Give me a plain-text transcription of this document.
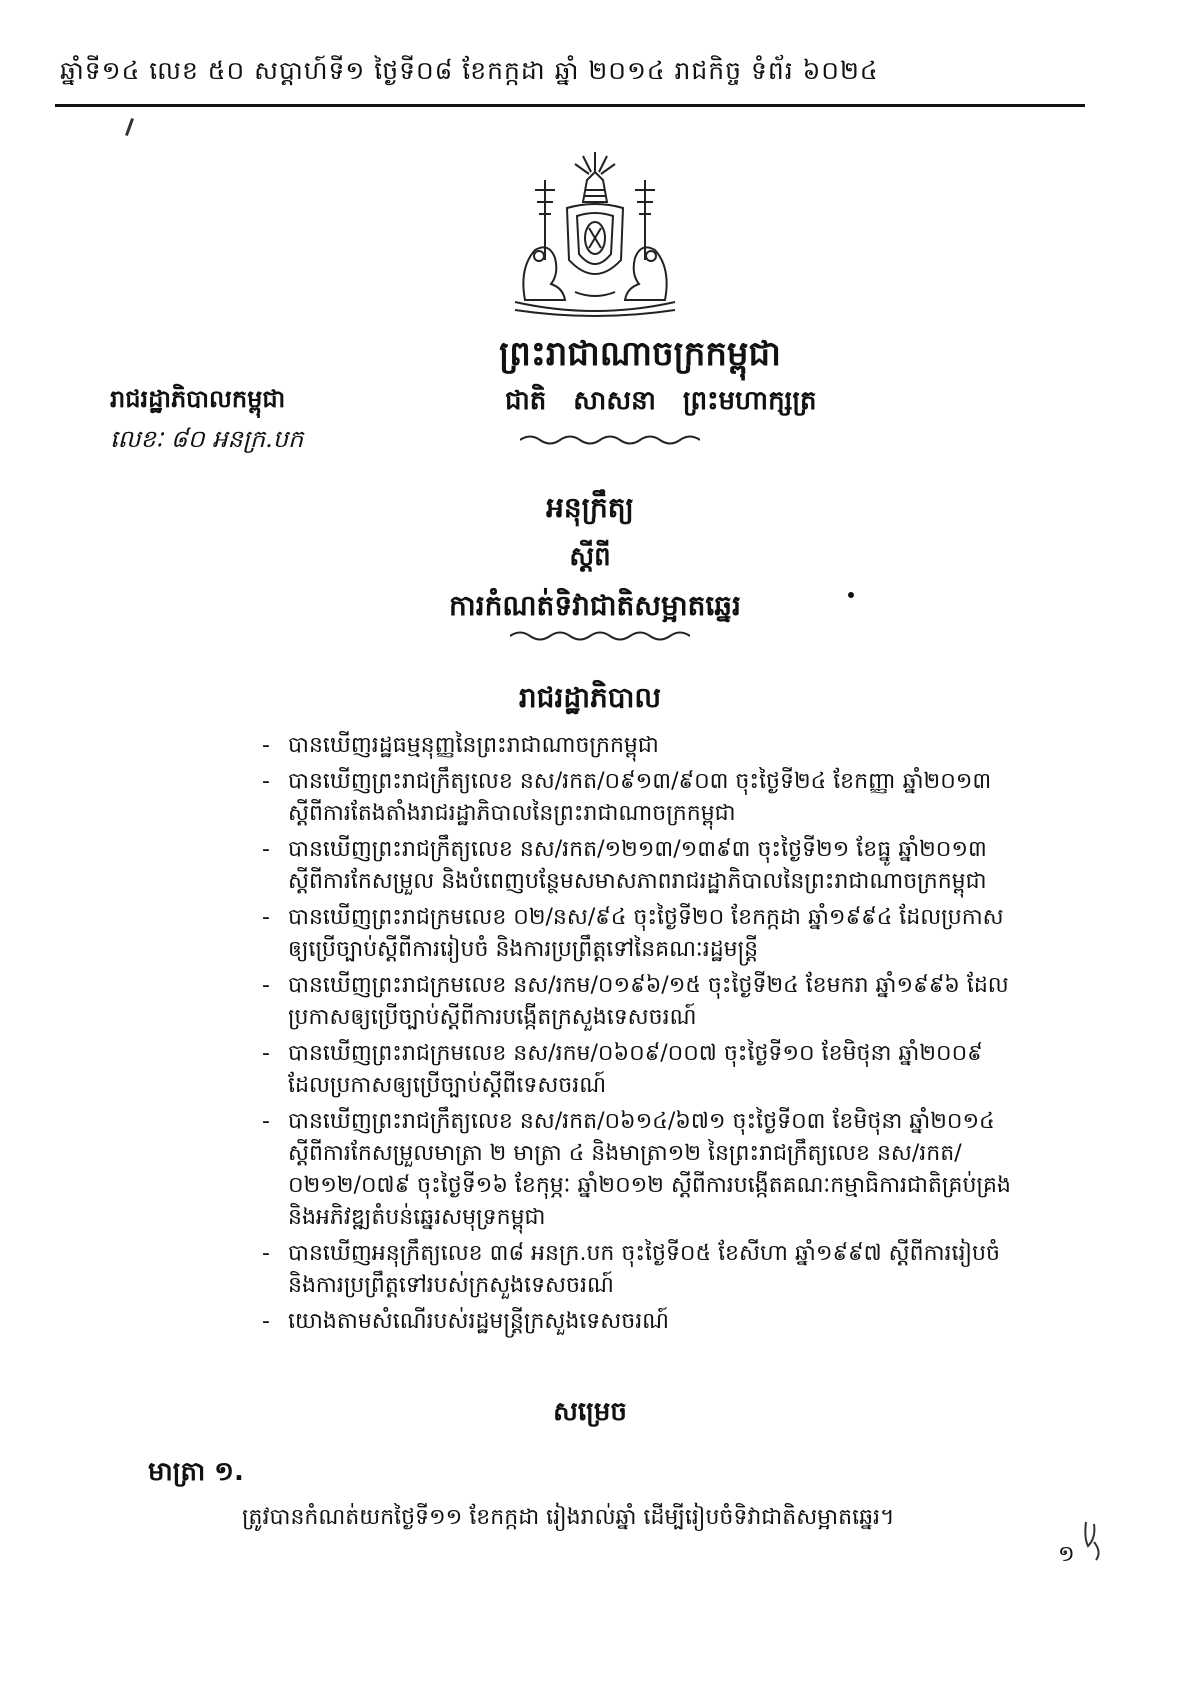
ឆ្នាំទី១៤ លេខ ៥០ សប្តាហ៍ទី១ ថ្ងៃទី០៨ ខែកក្កដា ឆ្នាំ ២០១៤ រាជកិច្ច ទំព័រ ៦០២៤
ព្រះរាជាណាចក្រកម្ពុជា
រាជរដ្ឋាភិបាលកម្ពុជា	ជាតិ សាសនា ព្រះមហាក្សត្រ
លេខៈ ៨០ អនក្រ.បក
អនុក្រឹត្យ
ស្តីពី
ការកំណត់ទិវាជាតិសម្អាតឆ្នេរ
រាជរដ្ឋាភិបាល
- បានឃើញរដ្ឋធម្មនុញ្ញនៃព្រះរាជាណាចក្រកម្ពុជា
- បានឃើញព្រះរាជក្រឹត្យលេខ នស/រកត/០៩១៣/៩០៣ ចុះថ្ងៃទី២៤ ខែកញ្ញា ឆ្នាំ២០១៣
ស្តីពីការតែងតាំងរាជរដ្ឋាភិបាលនៃព្រះរាជាណាចក្រកម្ពុជា
- បានឃើញព្រះរាជក្រឹត្យលេខ នស/រកត/១២១៣/១៣៩៣ ចុះថ្ងៃទី២១ ខែធ្នូ ឆ្នាំ២០១៣
ស្តីពីការកែសម្រួល និងបំពេញបន្ថែមសមាសភាពរាជរដ្ឋាភិបាលនៃព្រះរាជាណាចក្រកម្ពុជា
- បានឃើញព្រះរាជក្រមលេខ ០២/នស/៩៤ ចុះថ្ងៃទី២០ ខែកក្កដា ឆ្នាំ១៩៩៤ ដែលប្រកាស
ឲ្យប្រើច្បាប់ស្តីពីការរៀបចំ និងការប្រព្រឹត្តទៅនៃគណៈរដ្ឋមន្ត្រី
- បានឃើញព្រះរាជក្រមលេខ នស/រកម/០១៩៦/១៥ ចុះថ្ងៃទី២៤ ខែមករា ឆ្នាំ១៩៩៦ ដែល
ប្រកាសឲ្យប្រើច្បាប់ស្តីពីការបង្កើតក្រសួងទេសចរណ៍
- បានឃើញព្រះរាជក្រមលេខ នស/រកម/០៦០៩/០០៧ ចុះថ្ងៃទី១០ ខែមិថុនា ឆ្នាំ២០០៩
ដែលប្រកាសឲ្យប្រើច្បាប់ស្តីពីទេសចរណ៍
- បានឃើញព្រះរាជក្រឹត្យលេខ នស/រកត/០៦១៤/៦៧១ ចុះថ្ងៃទី០៣ ខែមិថុនា ឆ្នាំ២០១៤
ស្តីពីការកែសម្រួលមាត្រា ២ មាត្រា ៤ និងមាត្រា១២ នៃព្រះរាជក្រឹត្យលេខ នស/រកត/
០២១២/០៧៩ ចុះថ្ងៃទី១៦ ខែកុម្ភៈ ឆ្នាំ២០១២ ស្តីពីការបង្កើតគណៈកម្មាធិការជាតិគ្រប់គ្រង
និងអភិវឌ្ឍតំបន់ឆ្នេរសមុទ្រកម្ពុជា
- បានឃើញអនុក្រឹត្យលេខ ៣៨ អនក្រ.បក ចុះថ្ងៃទី០៥ ខែសីហា ឆ្នាំ១៩៩៧ ស្តីពីការរៀបចំ
និងការប្រព្រឹត្តទៅរបស់ក្រសួងទេសចរណ៍
- យោងតាមសំណើរបស់រដ្ឋមន្ត្រីក្រសួងទេសចរណ៍
សម្រេច
មាត្រា ១.
ត្រូវបានកំណត់យកថ្ងៃទី១១ ខែកក្កដា រៀងរាល់ឆ្នាំ ដើម្បីរៀបចំទិវាជាតិសម្អាតឆ្នេរ។
១
